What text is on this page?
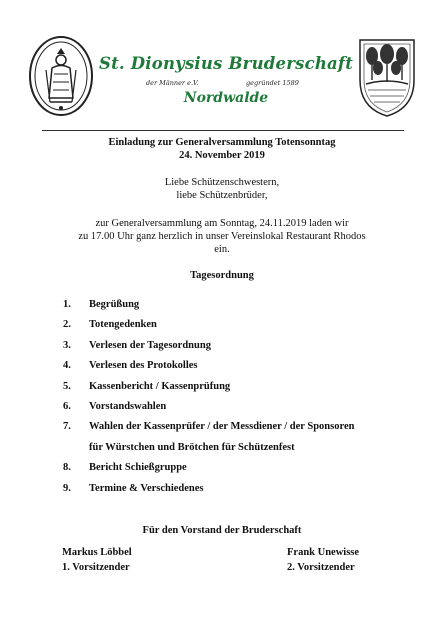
St. Dionysius Bruderschaft
der Männer e.V.	gegründet 1589
Nordwalde
Einladung zur Generalversammlung Totensonntag
24. November 2019
Liebe Schützenschwestern,
liebe Schützenbrüder,
zur Generalversammlung am Sonntag, 24.11.2019 laden wir
zu 17.00 Uhr ganz herzlich in unser Vereinslokal Restaurant Rhodos
ein.
Tagesordnung
1. Begrüßung
2. Totengedenken
3. Verlesen der Tagesordnung
4. Verlesen des Protokolles
5. Kassenbericht / Kassenprüfung
6. Vorstandswahlen
7. Wahlen der Kassenprüfer / der Messdiener / der Sponsoren
für Würstchen und Brötchen für Schützenfest
8. Bericht Schießgruppe
9. Termine & Verschiedenes
Für den Vorstand der Bruderschaft
Markus Löbbel
1. Vorsitzender
Frank Unewisse
2. Vorsitzender
